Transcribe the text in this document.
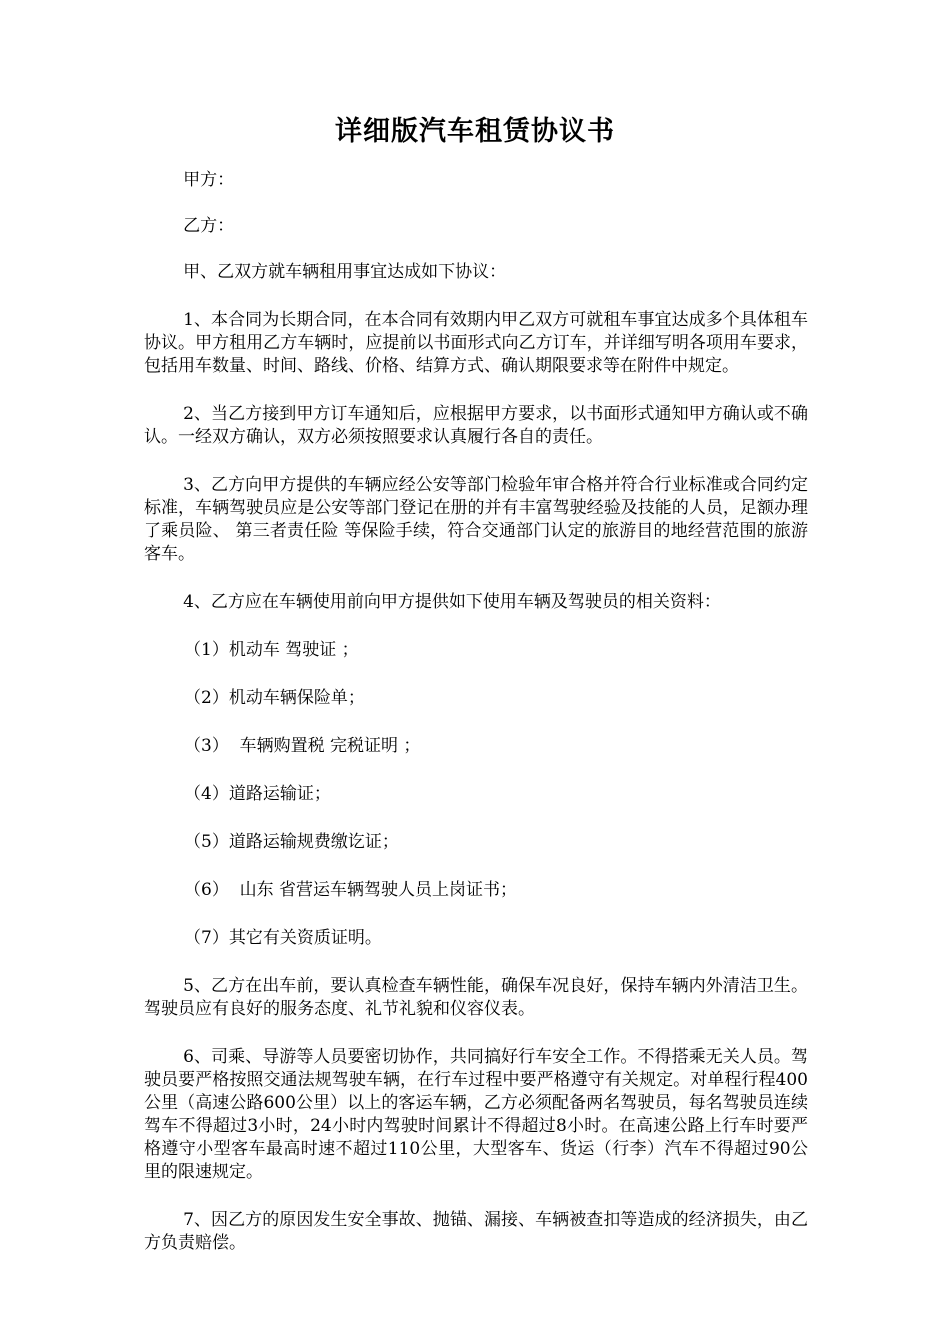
详细版汽车租赁协议书

甲方：

乙方：

甲、乙双方就车辆租用事宜达成如下协议：

1、本合同为长期合同，在本合同有效期内甲乙双方可就租车事宜达成多个具体租车协议。甲方租用乙方车辆时，应提前以书面形式向乙方订车，并详细写明各项用车要求，包括用车数量、时间、路线、价格、结算方式、确认期限要求等在附件中规定。

2、当乙方接到甲方订车通知后，应根据甲方要求，以书面形式通知甲方确认或不确认。一经双方确认，双方必须按照要求认真履行各自的责任。

3、乙方向甲方提供的车辆应经公安等部门检验年审合格并符合行业标准或合同约定标准，车辆驾驶员应是公安等部门登记在册的并有丰富驾驶经验及技能的人员，足额办理了乘员险、 第三者责任险 等保险手续，符合交通部门认定的旅游目的地经营范围的旅游客车。

4、乙方应在车辆使用前向甲方提供如下使用车辆及驾驶员的相关资料：

（1）机动车 驾驶证 ；
（2）机动车辆保险单；
（3）  车辆购置税 完税证明 ；
（4）道路运输证；
（5）道路运输规费缴讫证；
（6）  山东 省营运车辆驾驶人员上岗证书；
（7）其它有关资质证明。

5、乙方在出车前，要认真检查车辆性能，确保车况良好，保持车辆内外清洁卫生。驾驶员应有良好的服务态度、礼节礼貌和仪容仪表。

6、司乘、导游等人员要密切协作，共同搞好行车安全工作。不得搭乘无关人员。驾驶员要严格按照交通法规驾驶车辆，在行车过程中要严格遵守有关规定。对单程行程400公里（高速公路600公里）以上的客运车辆，乙方必须配备两名驾驶员，每名驾驶员连续驾车不得超过3小时，24小时内驾驶时间累计不得超过8小时。在高速公路上行车时要严格遵守小型客车最高时速不超过110公里，大型客车、货运（行李）汽车不得超过90公里的限速规定。

7、因乙方的原因发生安全事故、抛锚、漏接、车辆被查扣等造成的经济损失，由乙方负责赔偿。
